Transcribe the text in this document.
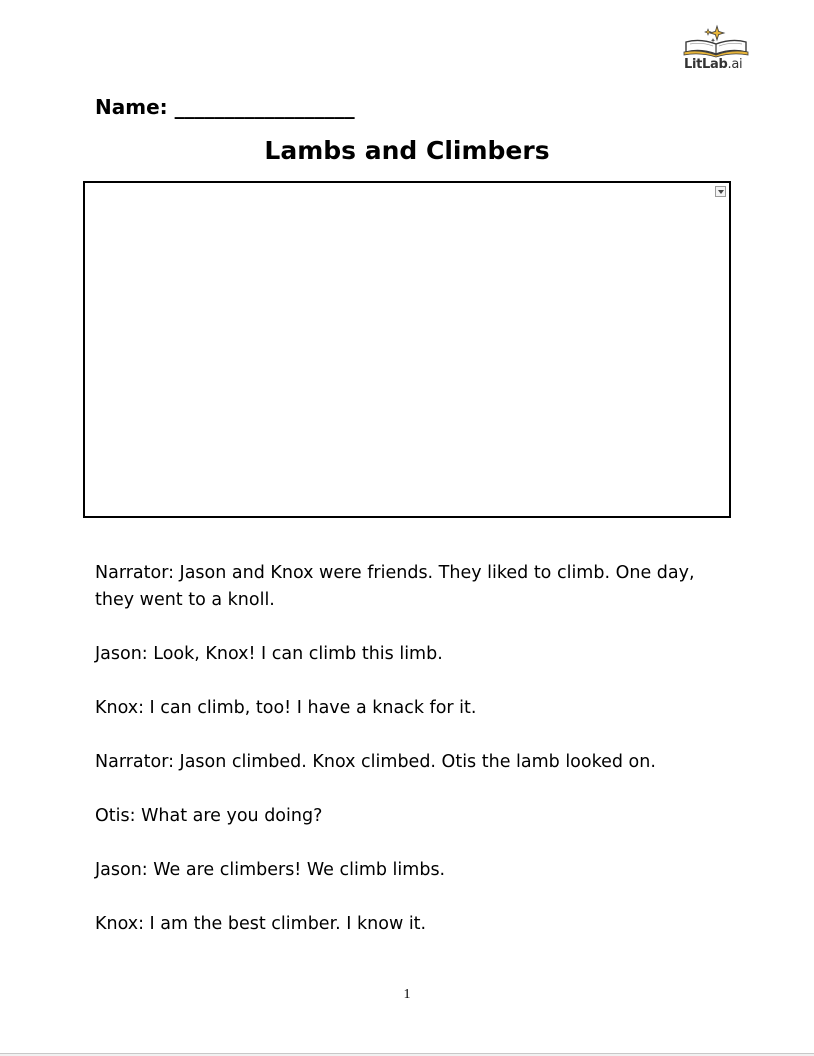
LitLab.ai
Name: __________________
Lambs and Climbers

Narrator: Jason and Knox were friends. They liked to climb. One day, they went to a knoll.

Jason: Look, Knox! I can climb this limb.

Knox: I can climb, too! I have a knack for it.

Narrator: Jason climbed. Knox climbed. Otis the lamb looked on.

Otis: What are you doing?

Jason: We are climbers! We climb limbs.

Knox: I am the best climber. I know it.

1
